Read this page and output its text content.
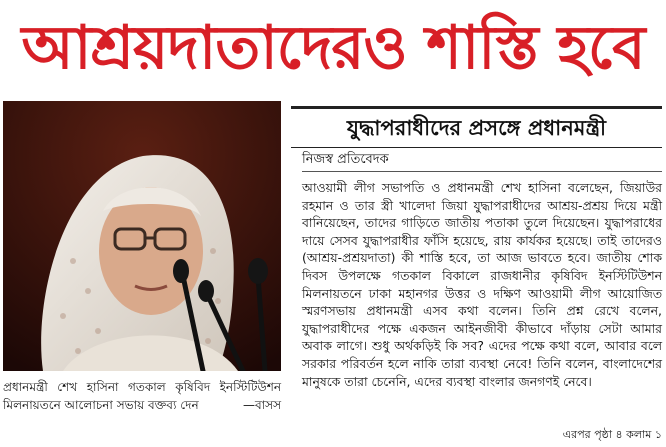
আশ্রয়দাতাদেরও শাস্তি হবে
প্রধানমন্ত্রী শেখ হাসিনা গতকাল কৃষিবিদ ইনস্টিটিউশন মিলনায়তনে আলোচনা সভায় বক্তব্য দেন	—বাসস
যুদ্ধাপরাধীদের প্রসঙ্গে প্রধানমন্ত্রী
নিজস্ব প্রতিবেদক

আওয়ামী লীগ সভাপতি ও প্রধানমন্ত্রী শেখ হাসিনা বলেছেন, জিয়াউর রহমান ও তার স্ত্রী খালেদা জিয়া যুদ্ধাপরাধীদের আশ্রয়-প্রশ্রয় দিয়ে মন্ত্রী বানিয়েছেন, তাদের গাড়িতে জাতীয় পতাকা তুলে দিয়েছেন। যুদ্ধাপরাধের দায়ে সেসব যুদ্ধাপরাধীর ফাঁসি হয়েছে, রায় কার্যকর হয়েছে। তাই তাদেরও (আশ্রয়-প্রশ্রয়দাতা) কী শাস্তি হবে, তা আজ ভাবতে হবে। জাতীয় শোক দিবস উপলক্ষে গতকাল বিকালে রাজধানীর কৃষিবিদ ইনস্টিটিউশন মিলনায়তনে ঢাকা মহানগর উত্তর ও দক্ষিণ আওয়ামী লীগ আয়োজিত স্মরণসভায় প্রধানমন্ত্রী এসব কথা বলেন। তিনি প্রশ্ন রেখে বলেন, যুদ্ধাপরাধীদের পক্ষে একজন আইনজীবী কীভাবে দাঁড়ায় সেটা আমার অবাক লাগে। শুধু অর্থকড়িই কি সব? এদের পক্ষে কথা বলে, আবার বলে সরকার পরিবর্তন হলে নাকি তারা ব্যবস্থা নেবে! তিনি বলেন, বাংলাদেশের মানুষকে তারা চেনেনি, এদের ব্যবস্থা বাংলার জনগণই নেবে।

এরপর পৃষ্ঠা ৪ কলাম ১
